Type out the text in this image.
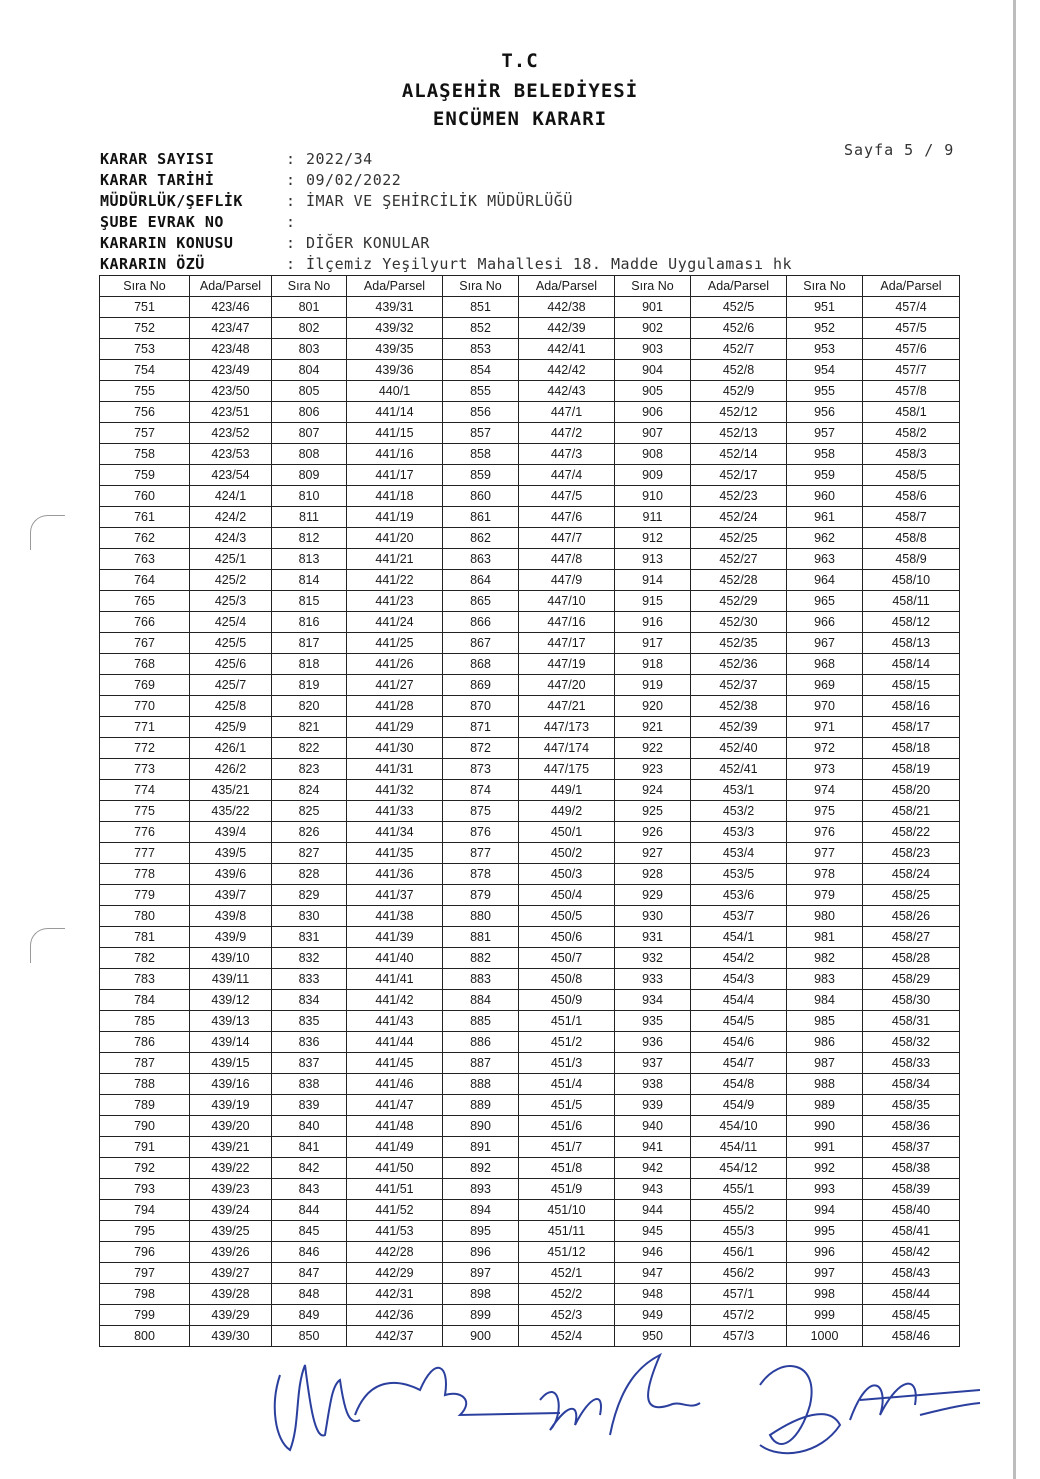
T.C
ALAŞEHİR BELEDİYESİ
ENCÜMEN KARARI
Sayfa 5 / 9
KARAR SAYISI	: 2022/34
KARAR TARİHİ	: 09/02/2022
MÜDÜRLÜK/ŞEFLİK	: İMAR VE ŞEHİRCİLİK MÜDÜRLÜĞÜ
ŞUBE EVRAK NO	:
KARARIN KONUSU	: DİĞER KONULAR
KARARIN ÖZÜ	: İlçemiz Yeşilyurt Mahallesi 18. Madde Uygulaması hk
Sıra No	Ada/Parsel	Sıra No	Ada/Parsel	Sıra No	Ada/Parsel	Sıra No	Ada/Parsel	Sıra No	Ada/Parsel
751	423/46	801	439/31	851	442/38	901	452/5	951	457/4
752	423/47	802	439/32	852	442/39	902	452/6	952	457/5
753	423/48	803	439/35	853	442/41	903	452/7	953	457/6
754	423/49	804	439/36	854	442/42	904	452/8	954	457/7
755	423/50	805	440/1	855	442/43	905	452/9	955	457/8
756	423/51	806	441/14	856	447/1	906	452/12	956	458/1
757	423/52	807	441/15	857	447/2	907	452/13	957	458/2
758	423/53	808	441/16	858	447/3	908	452/14	958	458/3
759	423/54	809	441/17	859	447/4	909	452/17	959	458/5
760	424/1	810	441/18	860	447/5	910	452/23	960	458/6
761	424/2	811	441/19	861	447/6	911	452/24	961	458/7
762	424/3	812	441/20	862	447/7	912	452/25	962	458/8
763	425/1	813	441/21	863	447/8	913	452/27	963	458/9
764	425/2	814	441/22	864	447/9	914	452/28	964	458/10
765	425/3	815	441/23	865	447/10	915	452/29	965	458/11
766	425/4	816	441/24	866	447/16	916	452/30	966	458/12
767	425/5	817	441/25	867	447/17	917	452/35	967	458/13
768	425/6	818	441/26	868	447/19	918	452/36	968	458/14
769	425/7	819	441/27	869	447/20	919	452/37	969	458/15
770	425/8	820	441/28	870	447/21	920	452/38	970	458/16
771	425/9	821	441/29	871	447/173	921	452/39	971	458/17
772	426/1	822	441/30	872	447/174	922	452/40	972	458/18
773	426/2	823	441/31	873	447/175	923	452/41	973	458/19
774	435/21	824	441/32	874	449/1	924	453/1	974	458/20
775	435/22	825	441/33	875	449/2	925	453/2	975	458/21
776	439/4	826	441/34	876	450/1	926	453/3	976	458/22
777	439/5	827	441/35	877	450/2	927	453/4	977	458/23
778	439/6	828	441/36	878	450/3	928	453/5	978	458/24
779	439/7	829	441/37	879	450/4	929	453/6	979	458/25
780	439/8	830	441/38	880	450/5	930	453/7	980	458/26
781	439/9	831	441/39	881	450/6	931	454/1	981	458/27
782	439/10	832	441/40	882	450/7	932	454/2	982	458/28
783	439/11	833	441/41	883	450/8	933	454/3	983	458/29
784	439/12	834	441/42	884	450/9	934	454/4	984	458/30
785	439/13	835	441/43	885	451/1	935	454/5	985	458/31
786	439/14	836	441/44	886	451/2	936	454/6	986	458/32
787	439/15	837	441/45	887	451/3	937	454/7	987	458/33
788	439/16	838	441/46	888	451/4	938	454/8	988	458/34
789	439/19	839	441/47	889	451/5	939	454/9	989	458/35
790	439/20	840	441/48	890	451/6	940	454/10	990	458/36
791	439/21	841	441/49	891	451/7	941	454/11	991	458/37
792	439/22	842	441/50	892	451/8	942	454/12	992	458/38
793	439/23	843	441/51	893	451/9	943	455/1	993	458/39
794	439/24	844	441/52	894	451/10	944	455/2	994	458/40
795	439/25	845	441/53	895	451/11	945	455/3	995	458/41
796	439/26	846	442/28	896	451/12	946	456/1	996	458/42
797	439/27	847	442/29	897	452/1	947	456/2	997	458/43
798	439/28	848	442/31	898	452/2	948	457/1	998	458/44
799	439/29	849	442/36	899	452/3	949	457/2	999	458/45
800	439/30	850	442/37	900	452/4	950	457/3	1000	458/46
